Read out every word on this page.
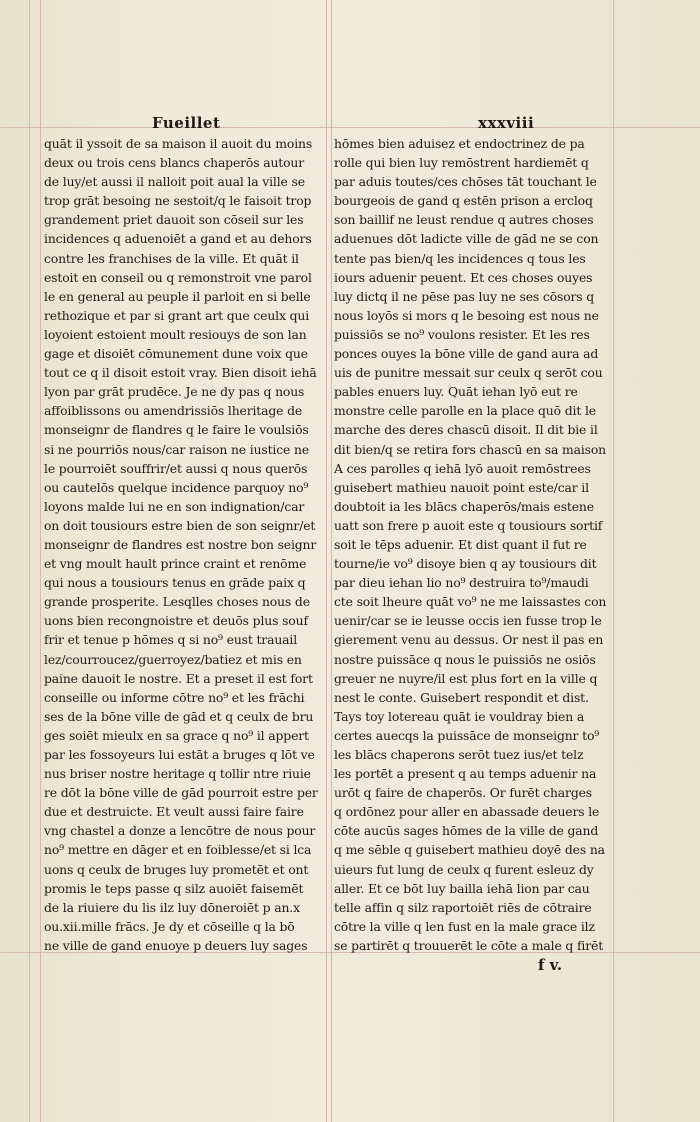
Fueillet	xxxviii
quāt il yssoit de sa maison il auoit du moins
deux ou trois cens blancs chaperōs autour
de luy/et aussi il nalloit poit aual la ville se
trop grāt besoing ne sestoit/q le faisoit trop
grandement priet dauoit son cōseil sur les
incidences q aduenoiēt a gand et au dehors
contre les franchises de la ville. Et quāt il
estoit en conseil ou q remonstroit vne parol
le en general au peuple il parloit en si belle
rethozique et par si grant art que ceulx qui
loyoient estoient moult resiouys de son lan
gage et disoiēt cōmunement dune voix que
tout ce q il disoit estoit vray. Bien disoit iehā
lyon par grāt prudēce. Je ne dy pas q nous
affoiblissons ou amendrissiōs lheritage de
monseignr de flandres q le faire le voulsiōs
si ne pourriōs nous/car raison ne iustice ne
le pourroiēt souffrir/et aussi q nous querōs
ou cautelōs quelque incidence parquoy no⁹
loyons malde lui ne en son indignation/car
on doit tousiours estre bien de son seignr/et
monseignr de flandres est nostre bon seignr
et vng moult hault prince craint et renōme
qui nous a tousiours tenus en grāde paix q
grande prosperite. Lesqlles choses nous de
uons bien recongnoistre et deuōs plus souf
frir et tenue p hōmes q si no⁹ eust trauail
lez/courroucez/guerroyez/batiez et mis en
paine dauoit le nostre. Et a preset il est fort
conseille ou informe cōtre no⁹ et les frāchi
ses de la bōne ville de gād et q ceulx de bru
ges soiēt mieulx en sa grace q no⁹ il appert
par les fossoyeurs lui estāt a bruges q lōt ve
nus briser nostre heritage q tollir ntre riuie
re dōt la bōne ville de gād pourroit estre per
due et destruicte. Et veult aussi faire faire
vng chastel a donze a lencōtre de nous pour
no⁹ mettre en dāger et en foiblesse/et si lca
uons q ceulx de bruges luy prometēt et ont
promis le teps passe q silz auoiēt faisemēt
de la riuiere du lis ilz luy dōneroiēt p an.x
ou.xii.mille frācs. Je dy et cōseille q la bō
ne ville de gand enuoye p deuers luy sages
hōmes bien aduisez et endoctrinez de pa
rolle qui bien luy remōstrent hardiemēt q
par aduis toutes/ces chōses tāt touchant le
bourgeois de gand q estēn prison a ercloq
son baillif ne leust rendue q autres choses
aduenues dōt ladicte ville de gād ne se con
tente pas bien/q les incidences q tous les
iours aduenir peuent. Et ces choses ouyes
luy dictq il ne pēse pas luy ne ses cōsors q
nous loyōs si mors q le besoing est nous ne
puissiōs se no⁹ voulons resister. Et les res
ponces ouyes la bōne ville de gand aura ad
uis de punitre messait sur ceulx q serōt cou
pables enuers luy. Quāt iehan lyō eut re
monstre celle parolle en la place quō dit le
marche des deres chascū disoit. Il dit bie il
dit bien/q se retira fors chascū en sa maison
A ces parolles q iehā lyō auoit remōstrees
guisebert mathieu nauoit point este/car il
doubtoit ia les blācs chaperōs/mais estene
uatt son frere p auoit este q tousiours sortif
soit le tēps aduenir. Et dist quant il fut re
tourne/ie vo⁹ disoye bien q ay tousiours dit
par dieu iehan lio no⁹ destruira to⁹/maudi
cte soit lheure quāt vo⁹ ne me laissastes con
uenir/car se ie leusse occis ien fusse trop le
gierement venu au dessus. Or nest il pas en
nostre puissāce q nous le puissiōs ne osiōs
greuer ne nuyre/il est plus fort en la ville q
nest le conte. Guisebert respondit et dist.
Tays toy lotereau quāt ie vouldray bien a
certes auecqs la puissāce de monseignr to⁹
les blācs chaperons serōt tuez ius/et telz
les portēt a present q au temps aduenir na
urōt q faire de chaperōs. Or furēt charges
q ordōnez pour aller en abassade deuers le
cōte aucūs sages hōmes de la ville de gand
q me sēble q guisebert mathieu doyē des na
uieurs fut lung de ceulx q furent esleuz dy
aller. Et ce bōt luy bailla iehā lion par cau
telle affin q silz raportoiēt riēs de cōtraire
cōtre la ville q len fust en la male grace ilz
se partirēt q trouuerēt le cōte a male q firēt
f v.
